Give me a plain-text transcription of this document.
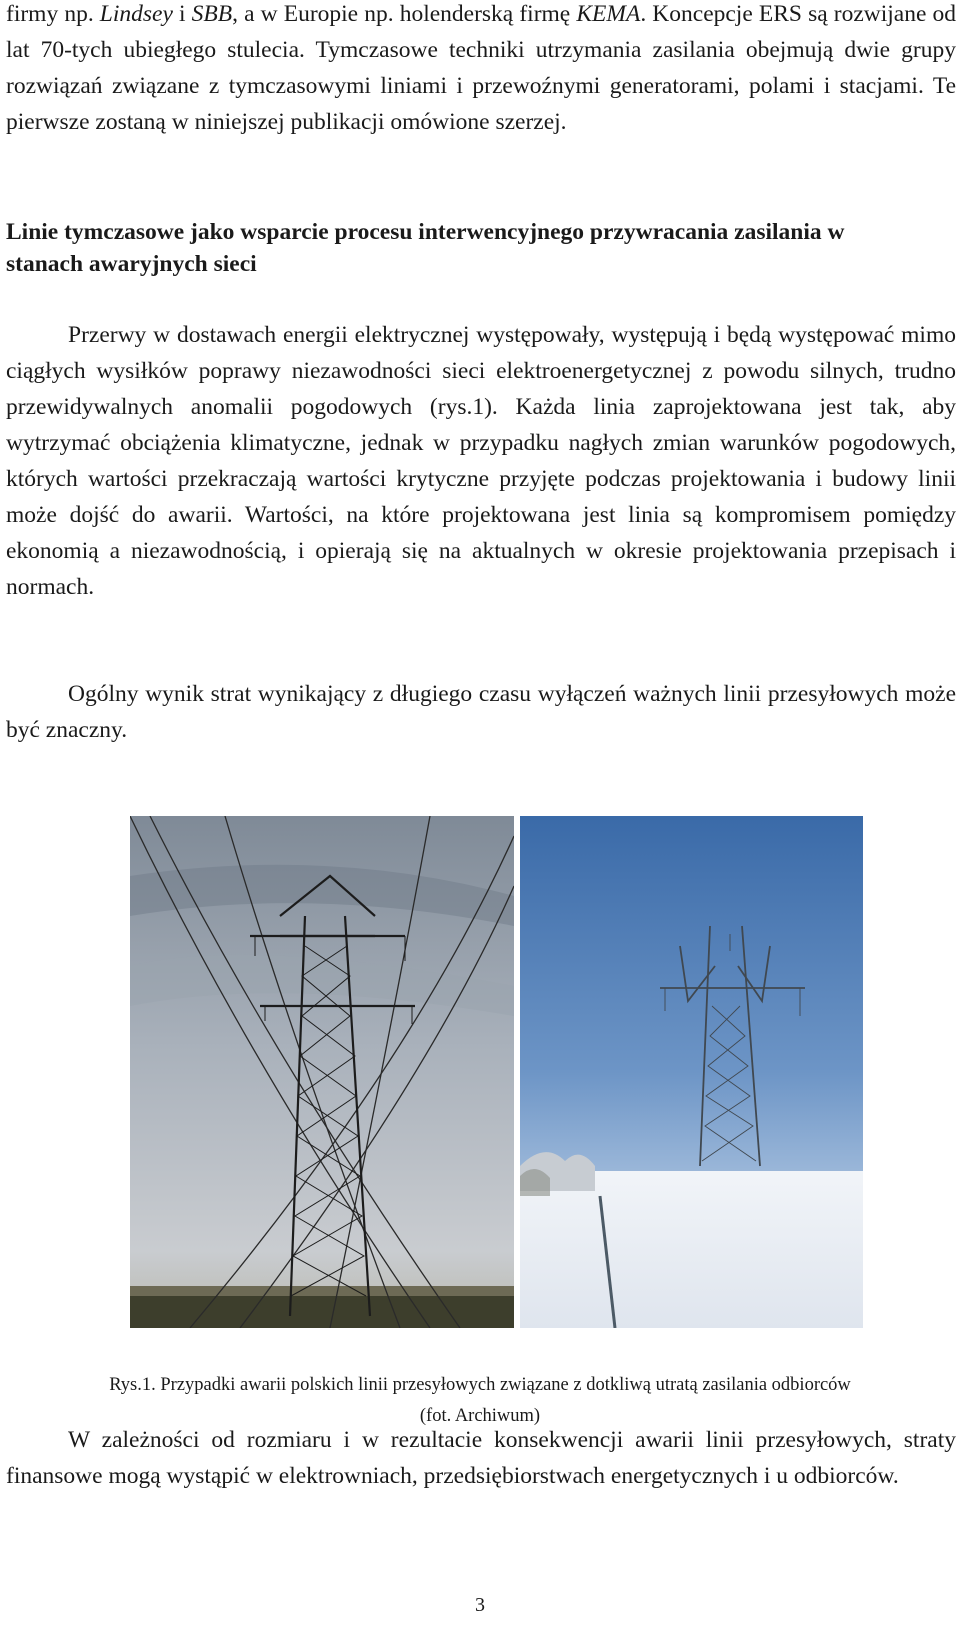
firmy np. Lindsey i SBB, a w Europie np. holenderską firmę KEMA. Koncepcje ERS są rozwijane od lat 70-tych ubiegłego stulecia. Tymczasowe techniki utrzymania zasilania obejmują dwie grupy rozwiązań związane z tymczasowymi liniami i przewoźnymi generatorami, polami i stacjami. Te pierwsze zostaną w niniejszej publikacji omówione szerzej.

Linie tymczasowe jako wsparcie procesu interwencyjnego przywracania zasilania w stanach awaryjnych sieci

Przerwy w dostawach energii elektrycznej występowały, występują i będą występować mimo ciągłych wysiłków poprawy niezawodności sieci elektroenergetycznej z powodu silnych, trudno przewidywalnych anomalii pogodowych (rys.1). Każda linia zaprojektowana jest tak, aby wytrzymać obciążenia klimatyczne, jednak w przypadku nagłych zmian warunków pogodowych, których wartości przekraczają wartości krytyczne przyjęte podczas projektowania i budowy linii może dojść do awarii. Wartości, na które projektowana jest linia są kompromisem pomiędzy ekonomią a niezawodnością, i opierają się na aktualnych w okresie projektowania przepisach i normach.

Ogólny wynik strat wynikający z długiego czasu wyłączeń ważnych linii przesyłowych może być znaczny.

Rys.1. Przypadki awarii polskich linii przesyłowych związane z dotkliwą utratą zasilania odbiorców
(fot. Archiwum)

W zależności od rozmiaru i w rezultacie konsekwencji awarii linii przesyłowych, straty finansowe mogą wystąpić w elektrowniach, przedsiębiorstwach energetycznych i u odbiorców.

3
